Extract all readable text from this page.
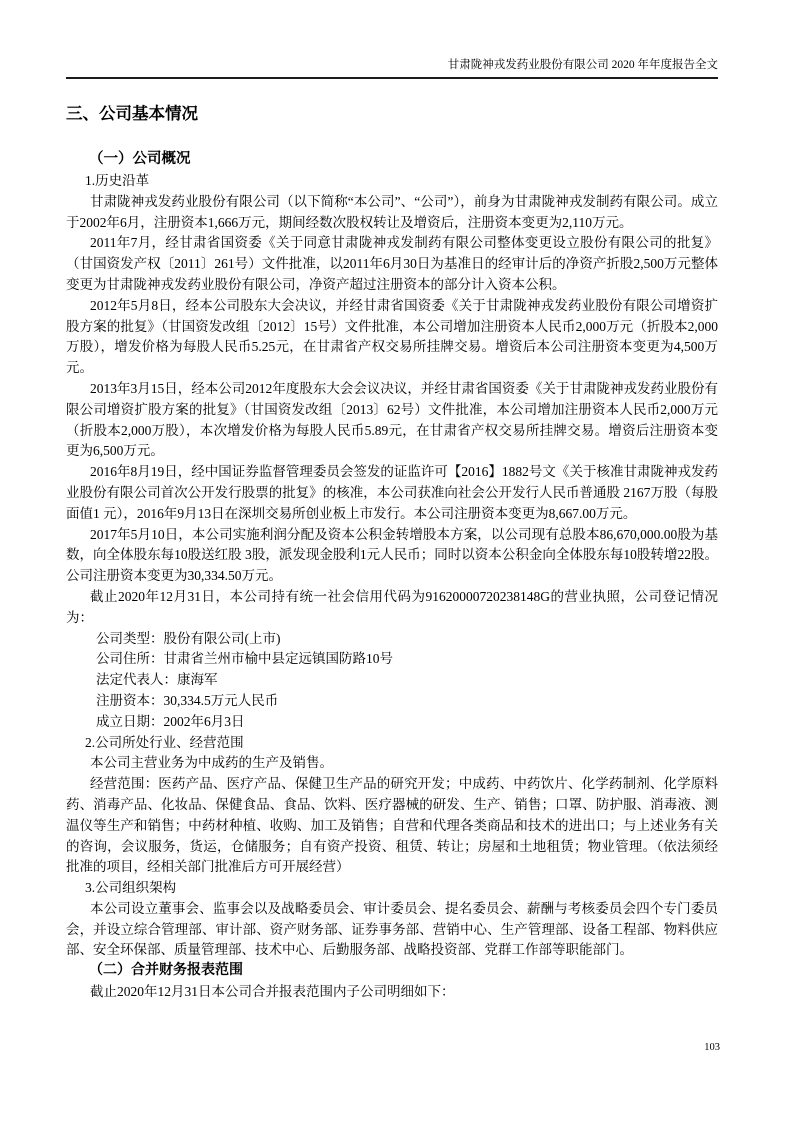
甘肃陇神戎发药业股份有限公司 2020 年年度报告全文
三、公司基本情况
（一）公司概况

1.历史沿革

甘肃陇神戎发药业股份有限公司（以下简称“本公司”、“公司”），前身为甘肃陇神戎发制药有限公司。成立于2002年6月，注册资本1,666万元，期间经数次股权转让及增资后，注册资本变更为2,110万元。

2011年7月，经甘肃省国资委《关于同意甘肃陇神戎发制药有限公司整体变更设立股份有限公司的批复》（甘国资发产权〔2011〕261号）文件批准，以2011年6月30日为基准日的经审计后的净资产折股2,500万元整体变更为甘肃陇神戎发药业股份有限公司，净资产超过注册资本的部分计入资本公积。

2012年5月8日，经本公司股东大会决议，并经甘肃省国资委《关于甘肃陇神戎发药业股份有限公司增资扩股方案的批复》（甘国资发改组〔2012〕15号）文件批准，本公司增加注册资本人民币2,000万元（折股本2,000万股），增发价格为每股人民币5.25元，在甘肃省产权交易所挂牌交易。增资后本公司注册资本变更为4,500万元。

2013年3月15日，经本公司2012年度股东大会会议决议，并经甘肃省国资委《关于甘肃陇神戎发药业股份有限公司增资扩股方案的批复》（甘国资发改组〔2013〕62号）文件批准，本公司增加注册资本人民币2,000万元（折股本2,000万股），本次增发价格为每股人民币5.89元，在甘肃省产权交易所挂牌交易。增资后注册资本变更为6,500万元。

2016年8月19日，经中国证券监督管理委员会签发的证监许可【2016】1882号文《关于核准甘肃陇神戎发药业股份有限公司首次公开发行股票的批复》的核准，本公司获准向社会公开发行人民币普通股 2167万股（每股面值1 元），2016年9月13日在深圳交易所创业板上市发行。本公司注册资本变更为8,667.00万元。

2017年5月10日，本公司实施利润分配及资本公积金转增股本方案，以公司现有总股本86,670,000.00股为基数，向全体股东每10股送红股 3股，派发现金股利1元人民币；同时以资本公积金向全体股东每10股转增22股。公司注册资本变更为30,334.50万元。

截止2020年12月31日，本公司持有统一社会信用代码为91620000720238148G的营业执照，公司登记情况为：

公司类型：股份有限公司(上市)

公司住所：甘肃省兰州市榆中县定远镇国防路10号

法定代表人：康海军

注册资本：30,334.5万元人民币

成立日期：2002年6月3日

2.公司所处行业、经营范围

本公司主营业务为中成药的生产及销售。

经营范围：医药产品、医疗产品、保健卫生产品的研究开发；中成药、中药饮片、化学药制剂、化学原料药、消毒产品、化妆品、保健食品、食品、饮料、医疗器械的研发、生产、销售；口罩、防护服、消毒液、测温仪等生产和销售；中药材种植、收购、加工及销售；自营和代理各类商品和技术的进出口；与上述业务有关的咨询，会议服务，货运，仓储服务；自有资产投资、租赁、转让；房屋和土地租赁；物业管理。（依法须经批准的项目，经相关部门批准后方可开展经营）

3.公司组织架构

本公司设立董事会、监事会以及战略委员会、审计委员会、提名委员会、薪酬与考核委员会四个专门委员会，并设立综合管理部、审计部、资产财务部、证券事务部、营销中心、生产管理部、设备工程部、物料供应部、安全环保部、质量管理部、技术中心、后勤服务部、战略投资部、党群工作部等职能部门。

（二）合并财务报表范围

截止2020年12月31日本公司合并报表范围内子公司明细如下：

103
